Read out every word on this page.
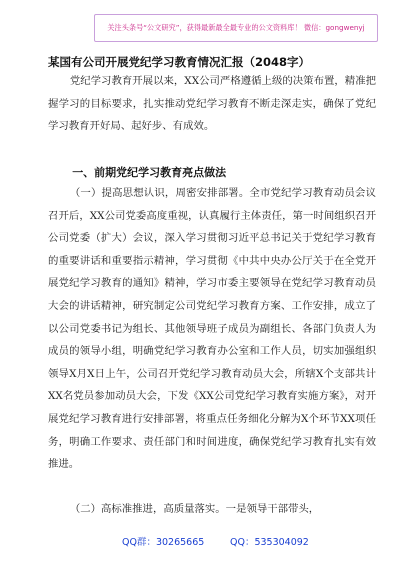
关注头条号“公文研究”，获得最新最全最专业的公文资料库！ 微信：gongwenyj
某国有公司开展党纪学习教育情况汇报（2048字）
党纪学习教育开展以来，XX公司严格遵循上级的决策布置，精准把握学习的目标要求，扎实推动党纪学习教育不断走深走实，确保了党纪学习教育开好局、起好步、有成效。
一、前期党纪学习教育亮点做法
（一）提高思想认识，周密安排部署。全市党纪学习教育动员会议召开后，XX公司党委高度重视，认真履行主体责任，第一时间组织召开公司党委（扩大）会议，深入学习贯彻习近平总书记关于党纪学习教育的重要讲话和重要指示精神，学习贯彻《中共中央办公厅关于在全党开展党纪学习教育的通知》精神，学习市委主要领导在党纪学习教育动员大会的讲话精神，研究制定公司党纪学习教育方案、工作安排，成立了以公司党委书记为组长、其他领导班子成员为副组长、各部门负责人为成员的领导小组，明确党纪学习教育办公室和工作人员，切实加强组织领导X月X日上午，公司召开党纪学习教育动员大会，所辖X个支部共计XX名党员参加动员大会，下发《XX公司党纪学习教育实施方案》，对开展党纪学习教育进行安排部署，将重点任务细化分解为X个环节XX项任务，明确工作要求、责任部门和时间进度，确保党纪学习教育扎实有效推进。
（二）高标准推进，高质量落实。一是领导干部带头，
QQ群：30265665	QQ：535304092
